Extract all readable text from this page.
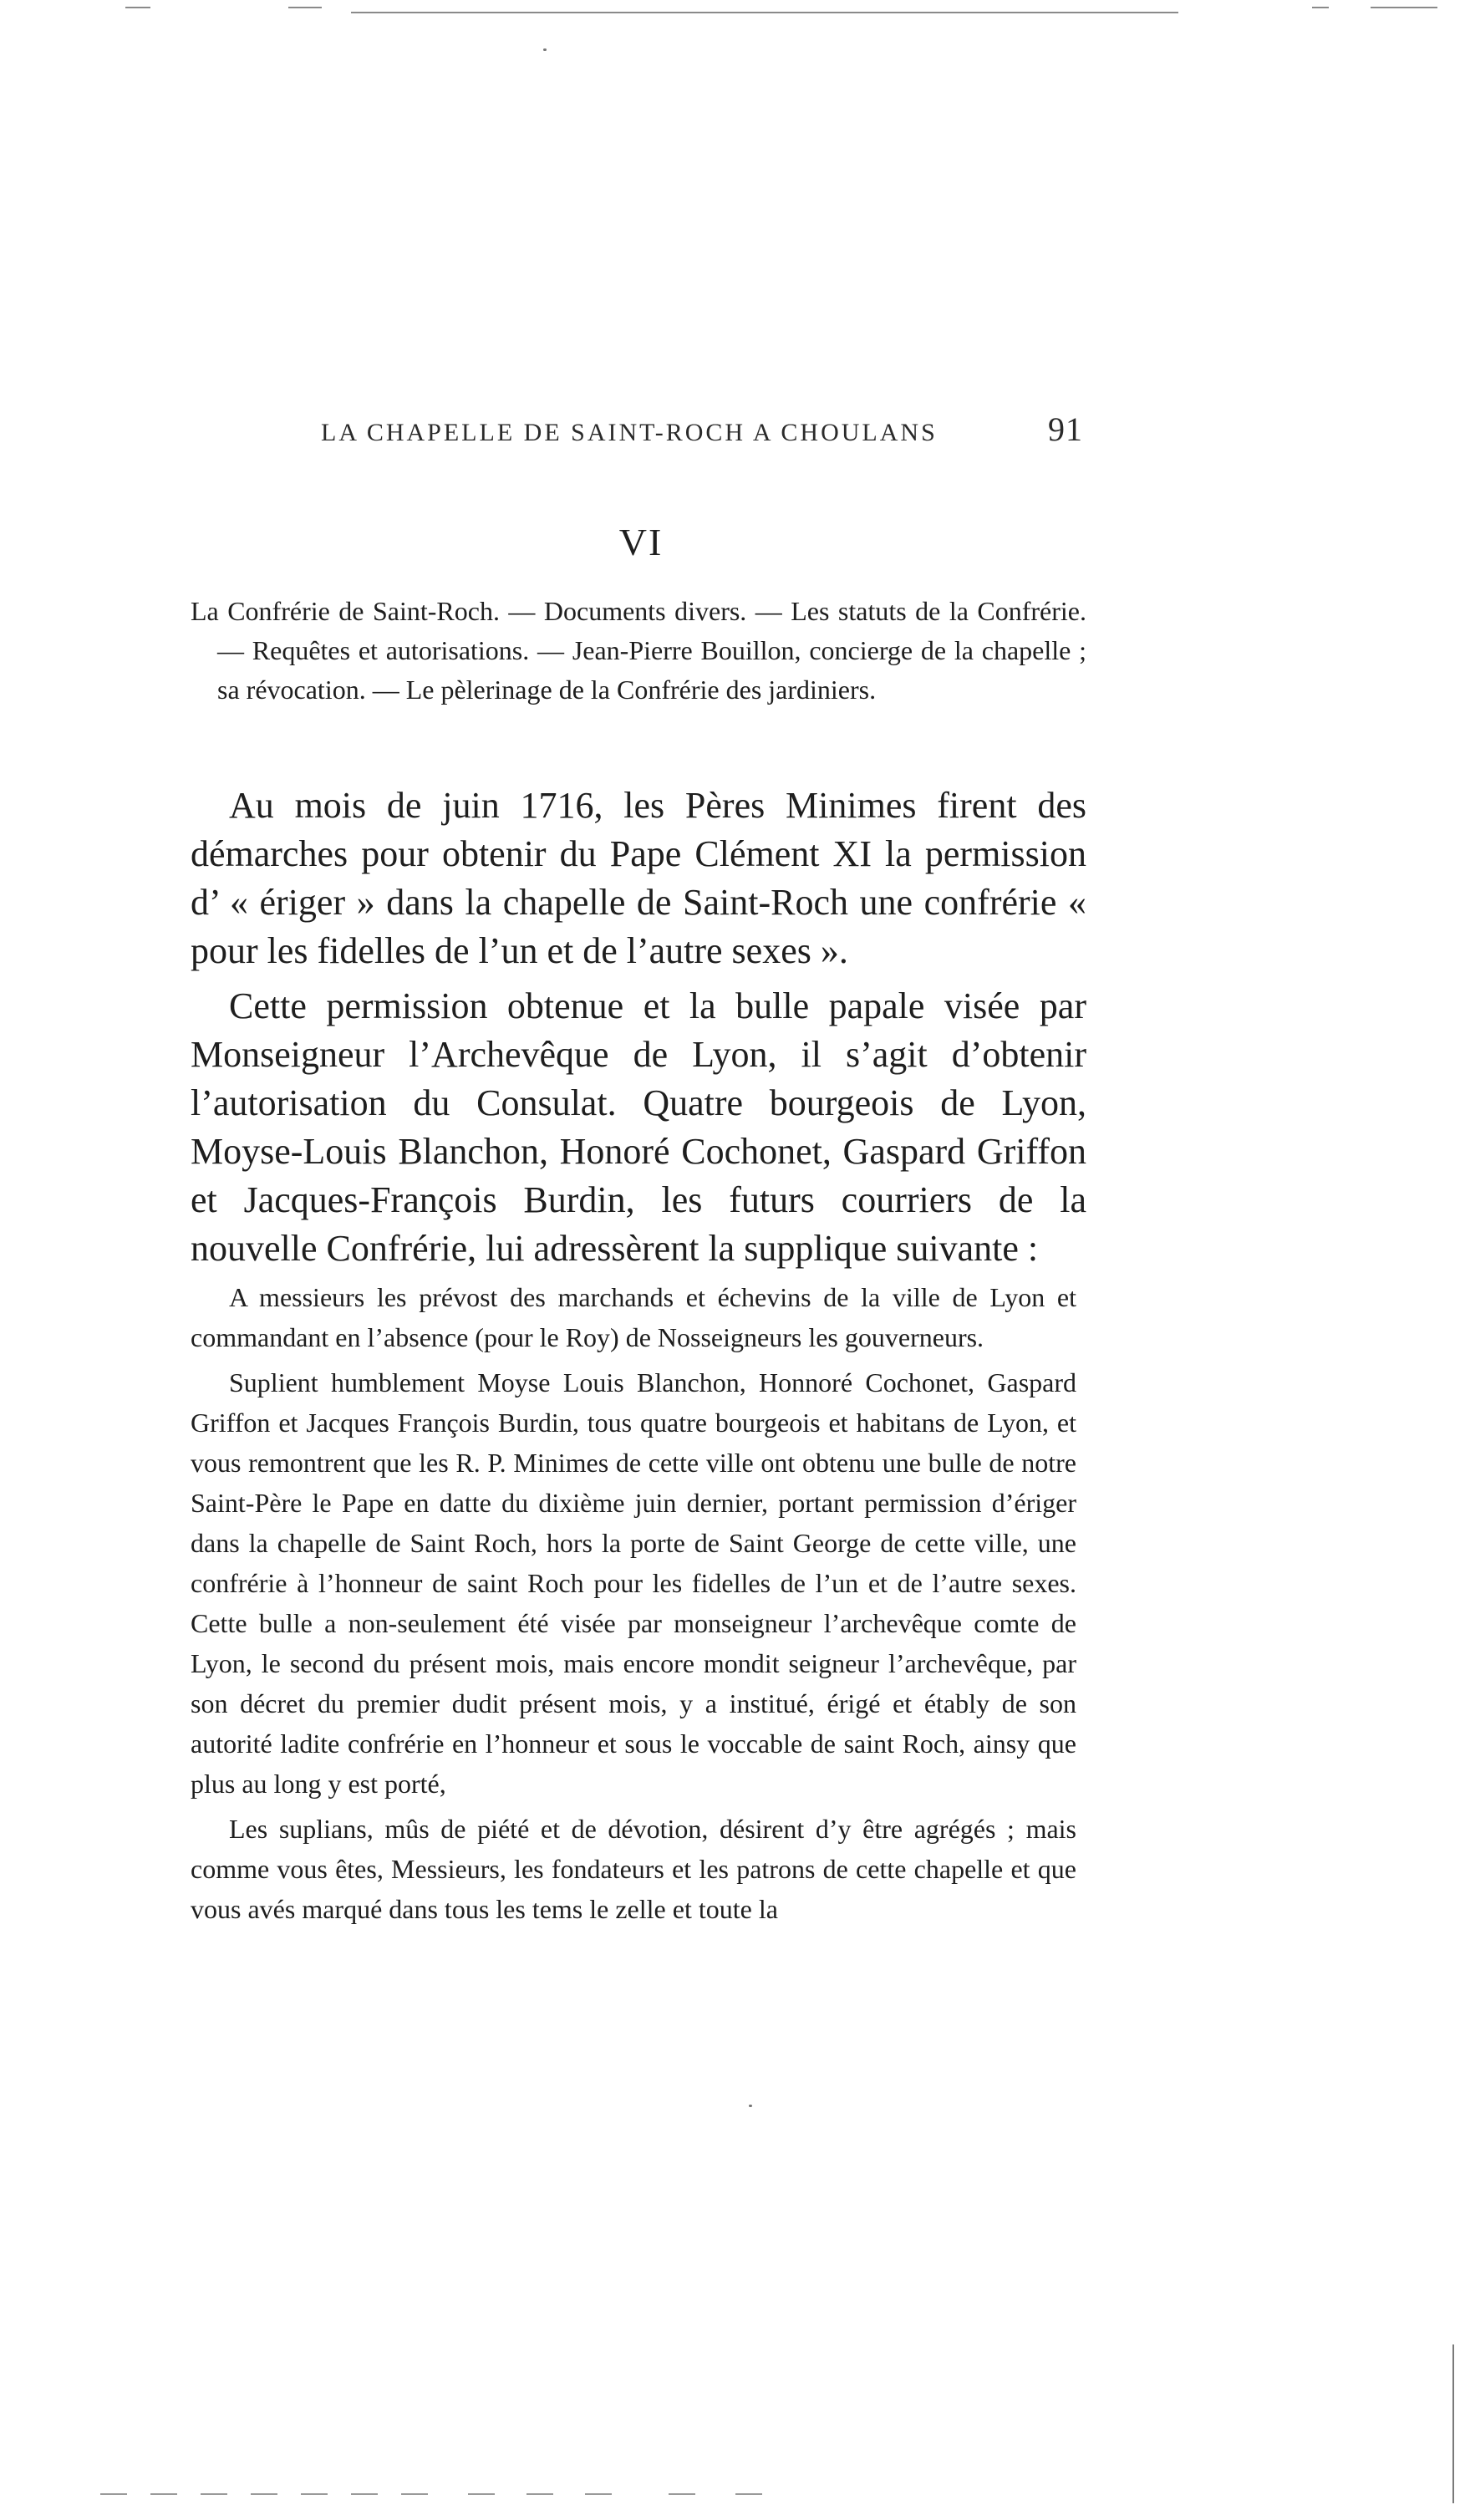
LA CHAPELLE DE SAINT-ROCH A CHOULANS	91
VI
La Confrérie de Saint-Roch. — Documents divers. — Les statuts de la Confrérie. — Requêtes et autorisations. — Jean-Pierre Bouillon, concierge de la chapelle ; sa révocation. — Le pèlerinage de la Confrérie des jardiniers.

Au mois de juin 1716, les Pères Minimes firent des démarches pour obtenir du Pape Clément XI la permission d’ « ériger » dans la chapelle de Saint-Roch une confrérie « pour les fidelles de l’un et de l’autre sexes ».

Cette permission obtenue et la bulle papale visée par Monseigneur l’Archevêque de Lyon, il s’agit d’obtenir l’autorisation du Consulat. Quatre bourgeois de Lyon, Moyse-Louis Blanchon, Honoré Cochonet, Gaspard Griffon et Jacques-François Burdin, les futurs courriers de la nouvelle Confrérie, lui adressèrent la supplique suivante :

A messieurs les prévost des marchands et échevins de la ville de Lyon et commandant en l’absence (pour le Roy) de Nosseigneurs les gouverneurs.

Suplient humblement Moyse Louis Blanchon, Honnoré Cochonet, Gaspard Griffon et Jacques François Burdin, tous quatre bourgeois et habitans de Lyon, et vous remontrent que les R. P. Minimes de cette ville ont obtenu une bulle de notre Saint-Père le Pape en datte du dixième juin dernier, portant permission d’ériger dans la chapelle de Saint Roch, hors la porte de Saint George de cette ville, une confrérie à l’honneur de saint Roch pour les fidelles de l’un et de l’autre sexes. Cette bulle a non-seulement été visée par monseigneur l’archevêque comte de Lyon, le second du présent mois, mais encore mondit seigneur l’archevêque, par son décret du premier dudit présent mois, y a institué, érigé et étably de son autorité ladite confrérie en l’honneur et sous le voccable de saint Roch, ainsy que plus au long y est porté,

Les suplians, mûs de piété et de dévotion, désirent d’y être agrégés ; mais comme vous êtes, Messieurs, les fondateurs et les patrons de cette chapelle et que vous avés marqué dans tous les tems le zelle et toute la
